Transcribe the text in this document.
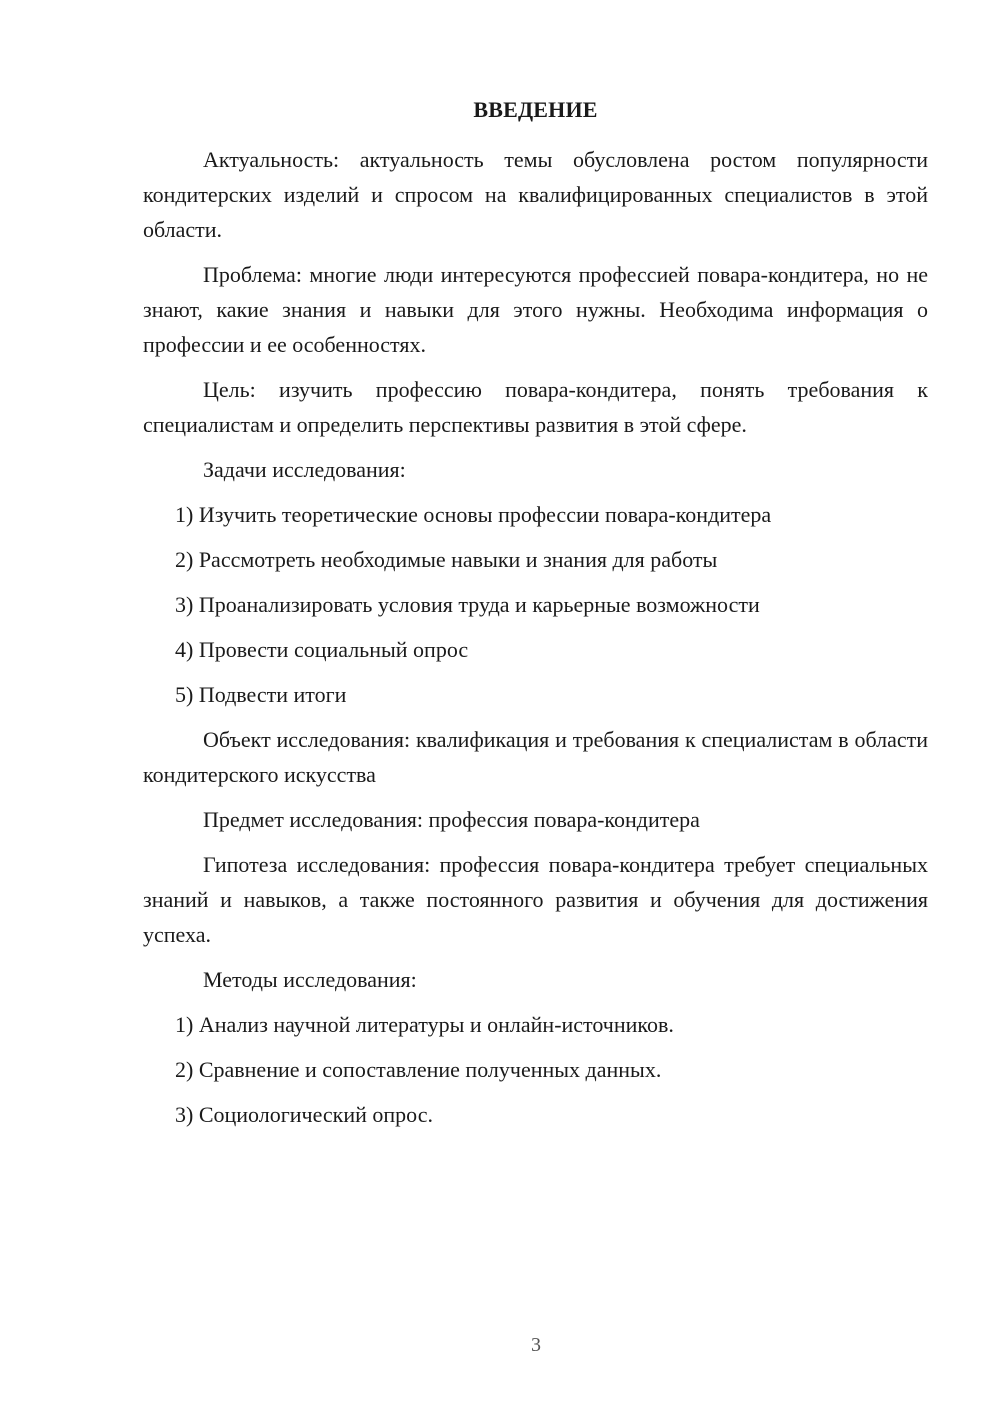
ВВЕДЕНИЕ

Актуальность: актуальность темы обусловлена ростом популярности кондитерских изделий и спросом на квалифицированных специалистов в этой области.

Проблема: многие люди интересуются профессией повара-кондитера, но не знают, какие знания и навыки для этого нужны. Необходима информация о профессии и ее особенностях.

Цель: изучить профессию повара-кондитера, понять требования к специалистам и определить перспективы развития в этой сфере.

Задачи исследования:

1) Изучить теоретические основы профессии повара-кондитера
2) Рассмотреть необходимые навыки и знания для работы
3) Проанализировать условия труда и карьерные возможности
4) Провести социальный опрос
5) Подвести итоги

Объект исследования: квалификация и требования к специалистам в области кондитерского искусства

Предмет исследования: профессия повара-кондитера

Гипотеза исследования: профессия повара-кондитера требует специальных знаний и навыков, а также постоянного развития и обучения для достижения успеха.

Методы исследования:

1) Анализ научной литературы и онлайн-источников.
2) Сравнение и сопоставление полученных данных.
3) Социологический опрос.
3
